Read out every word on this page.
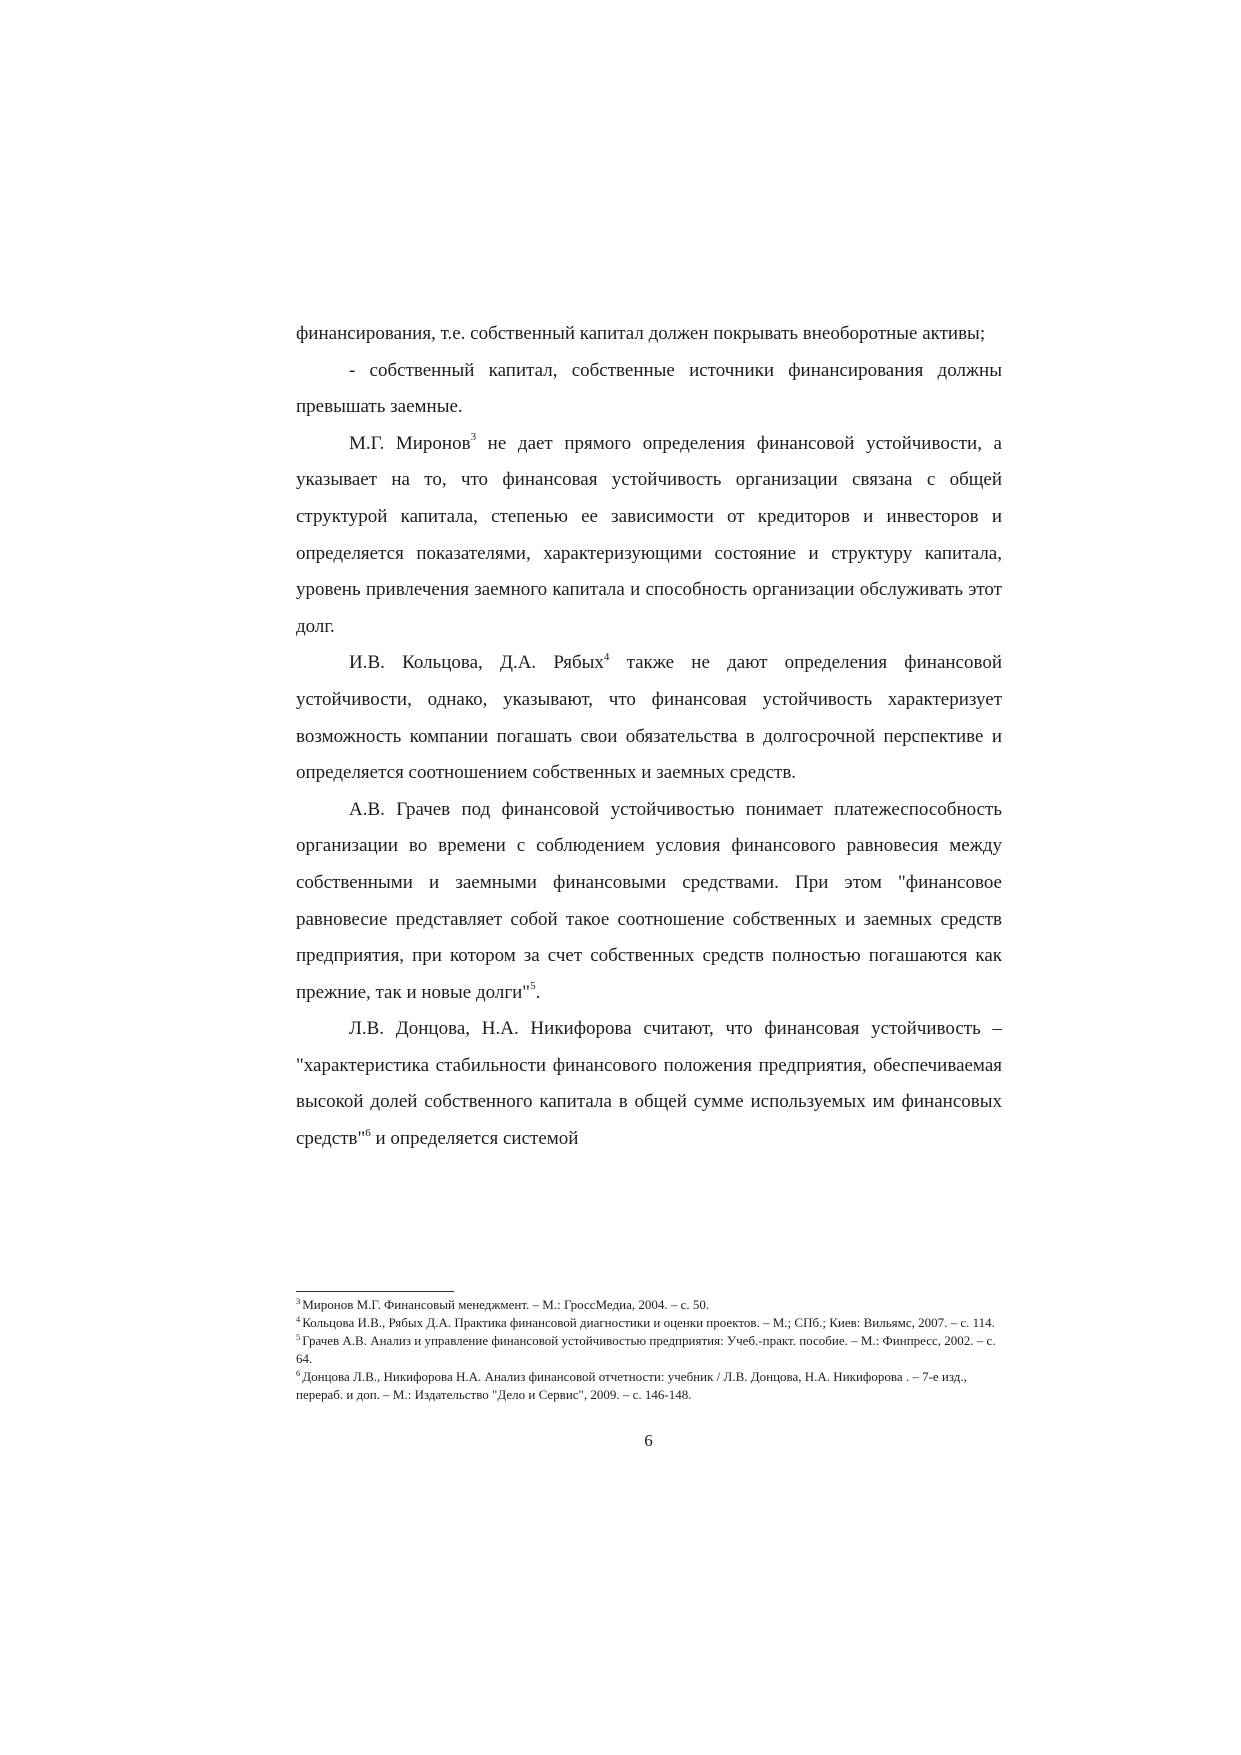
финансирования, т.е. собственный капитал должен покрывать внеоборотные активы;

- собственный капитал, собственные источники финансирования должны превышать заемные.

М.Г. Миронов$^3$ не дает прямого определения финансовой устойчивости, а указывает на то, что финансовая устойчивость организации связана с общей структурой капитала, степенью ее зависимости от кредиторов и инвесторов и определяется показателями, характеризующими состояние и структуру капитала, уровень привлечения заемного капитала и способность организации обслуживать этот долг.

И.В. Кольцова, Д.А. Рябых$^4$ также не дают определения финансовой устойчивости, однако, указывают, что финансовая устойчивость характеризует возможность компании погашать свои обязательства в долгосрочной перспективе и определяется соотношением собственных и заемных средств.

А.В. Грачев под финансовой устойчивостью понимает платежеспособность организации во времени с соблюдением условия финансового равновесия между собственными и заемными финансовыми средствами. При этом "финансовое равновесие представляет собой такое соотношение собственных и заемных средств предприятия, при котором за счет собственных средств полностью погашаются как прежние, так и новые долги"$^5$.

Л.В. Донцова, Н.А. Никифорова считают, что финансовая устойчивость – "характеристика стабильности финансового положения предприятия, обеспечиваемая высокой долей собственного капитала в общей сумме используемых им финансовых средств"$^6$ и определяется системой

$^3$ Миронов М.Г. Финансовый менеджмент. – М.: ГроссМедиа, 2004. – с. 50.

$^4$ Кольцова И.В., Рябых Д.А. Практика финансовой диагностики и оценки проектов. – М.; СПб.; Киев: Вильямс, 2007. – с. 114.

$^5$ Грачев А.В. Анализ и управление финансовой устойчивостью предприятия: Учеб.-практ. пособие. – М.: Финпресс, 2002. – с. 64.

$^6$ Донцова Л.В., Никифорова Н.А. Анализ финансовой отчетности: учебник / Л.В. Донцова, Н.А. Никифорова . – 7-е изд., перераб. и доп. – М.: Издательство "Дело и Сервис", 2009. – с. 146-148.

6
